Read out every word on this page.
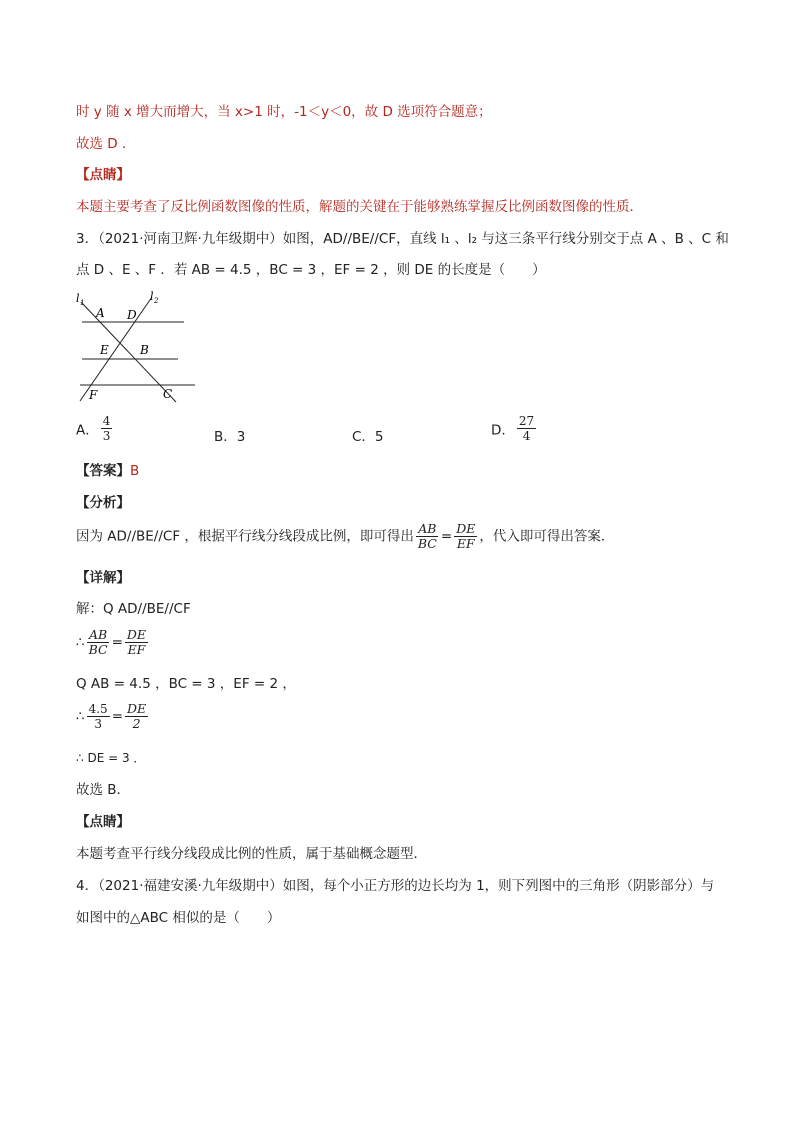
时 y 随 x 增大而增大，当 x>1 时，-1＜y＜0，故 D 选项符合题意；
故选 D ．
【点睛】
本题主要考查了反比例函数图像的性质，解题的关键在于能够熟练掌握反比例函数图像的性质．
3．（2021·河南卫辉·九年级期中）如图，AD//BE//CF，直线 l₁ 、l₂ 与这三条平行线分别交于点 A 、B 、C 和
点 D 、E 、F ．若 AB = 4.5 ，BC = 3 ，EF = 2 ，则 DE 的长度是（　　）
l 1	l 2
A D
E	B
F	C
A． $\frac{4}{3}$	B．3	C．5	D． $\frac{27}{4}$
【答案】B
【分析】
因为 AD//BE//CF ，根据平行线分线段成比例，即可得出 $\frac{AB}{BC} = \frac{DE}{EF}$ ，代入即可得出答案．
【详解】
解：Q AD//BE//CF
∴ $\frac{AB}{BC} = \frac{DE}{EF}$
Q AB = 4.5 ，BC = 3 ，EF = 2 ，
∴ $\frac{4.5}{3} = \frac{DE}{2}$
∴ DE = 3 ．
故选 B．
【点睛】
本题考查平行线分线段成比例的性质，属于基础概念题型．
4．（2021·福建安溪·九年级期中）如图，每个小正方形的边长均为 1，则下列图中的三角形（阴影部分）与
如图中的△ABC 相似的是（　　）
